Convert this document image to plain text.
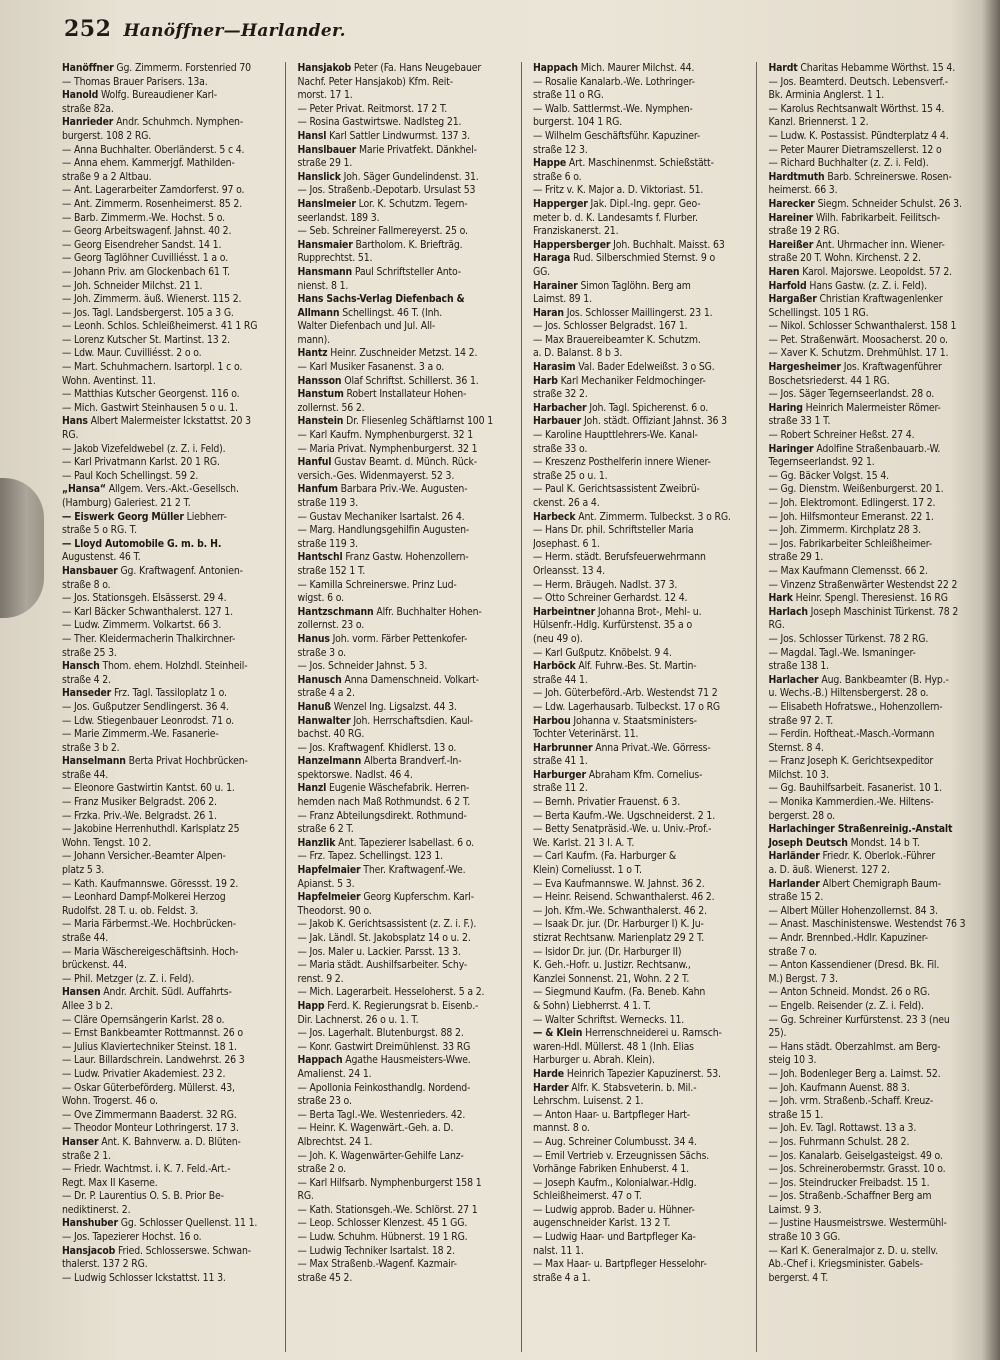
252 Hanöffner—Harlander.
Hanöffner Gg. Zimmerm. Forstenried 70
— Thomas Brauer Parisers. 13a.
Hanold Wolfg. Bureaudiener Karl-
straße 82a.
Hanrieder Andr. Schuhmch. Nymphen-
burgerst. 108 2 RG.
— Anna Buchhalter. Oberländerst. 5 c 4.
— Anna ehem. Kammerjgf. Mathilden-
straße 9 a 2 Altbau.
— Ant. Lagerarbeiter Zamdorferst. 97 o.
— Ant. Zimmerm. Rosenheimerst. 85 2.
— Barb. Zimmerm.-We. Hochst. 5 o.
— Georg Arbeitswagenf. Jahnst. 40 2.
— Georg Eisendreher Sandst. 14 1.
— Georg Taglöhner Cuvilliésst. 1 a o.
— Johann Priv. am Glockenbach 61 T.
— Joh. Schneider Milchst. 21 1.
— Joh. Zimmerm. äuß. Wienerst. 115 2.
— Jos. Tagl. Landsbergerst. 105 a 3 G.
— Leonh. Schlos. Schleißheimerst. 41 1 RG
— Lorenz Kutscher St. Martinst. 13 2.
— Ldw. Maur. Cuvilliésst. 2 o o.
— Mart. Schuhmachern. Isartorpl. 1 c o.
Wohn. Aventinst. 11.
— Matthias Kutscher Georgenst. 116 o.
— Mich. Gastwirt Steinhausen 5 o u. 1.
Hans Albert Malermeister Ickstattst. 20 3
RG.
— Jakob Vizefeldwebel (z. Z. i. Feld).
— Karl Privatmann Karlst. 20 1 RG.
— Paul Koch Schellingst. 59 2.
„Hansa“ Allgem. Vers.-Akt.-Gesellsch.
(Hamburg) Galeriest. 21 2 T.
— Eiswerk Georg Müller Liebherr-
straße 5 o RG. T.
— Lloyd Automobile G. m. b. H.
Augustenst. 46 T.
Hansbauer Gg. Kraftwagenf. Antonien-
straße 8 o.
— Jos. Stationsgeh. Elsässerst. 29 4.
— Karl Bäcker Schwanthalerst. 127 1.
— Ludw. Zimmerm. Volkartst. 66 3.
— Ther. Kleidermacherin Thalkirchner-
straße 25 3.
Hansch Thom. ehem. Holzhdl. Steinheil-
straße 4 2.
Hanseder Frz. Tagl. Tassiloplatz 1 o.
— Jos. Gußputzer Sendlingerst. 36 4.
— Ldw. Stiegenbauer Leonrodst. 71 o.
— Marie Zimmerm.-We. Fasanerie-
straße 3 b 2.
Hanselmann Berta Privat Hochbrücken-
straße 44.
— Eleonore Gastwirtin Kantst. 60 u. 1.
— Franz Musiker Belgradst. 206 2.
— Frzka. Priv.-We. Belgradst. 26 1.
— Jakobine Herrenhuthdl. Karlsplatz 25
Wohn. Tengst. 10 2.
— Johann Versicher.-Beamter Alpen-
platz 5 3.
— Kath. Kaufmannswe. Göressst. 19 2.
— Leonhard Dampf-Molkerei Herzog
Rudolfst. 28 T. u. ob. Feldst. 3.
— Maria Färbermst.-We. Hochbrücken-
straße 44.
— Maria Wäschereigeschäftsinh. Hoch-
brückenst. 44.
— Phil. Metzger (z. Z. i. Feld).
Hansen Andr. Archit. Südl. Auffahrts-
Allee 3 b 2.
— Cläre Opernsängerin Karlst. 28 o.
— Ernst Bankbeamter Rottmannst. 26 o
— Julius Klaviertechniker Steinst. 18 1.
— Laur. Billardschrein. Landwehrst. 26 3
— Ludw. Privatier Akademiest. 23 2.
— Oskar Güterbeförderg. Müllerst. 43,
Wohn. Trogerst. 46 o.
— Ove Zimmermann Baaderst. 32 RG.
— Theodor Monteur Lothringerst. 17 3.
Hanser Ant. K. Bahnverw. a. D. Blüten-
straße 2 1.
— Friedr. Wachtmst. i. K. 7. Feld.-Art.-
Regt. Max II Kaserne.
— Dr. P. Laurentius O. S. B. Prior Be-
nediktinerst. 2.
Hanshuber Gg. Schlosser Quellenst. 11 1.
— Jos. Tapezierer Hochst. 16 o.
Hansjacob Fried. Schlosserswe. Schwan-
thalerst. 137 2 RG.
— Ludwig Schlosser Ickstattst. 11 3.
Hansjakob Peter (Fa. Hans Neugebauer
Nachf. Peter Hansjakob) Kfm. Reit-
morst. 17 1.
— Peter Privat. Reitmorst. 17 2 T.
— Rosina Gastwirtswe. Nadlsteg 21.
Hansl Karl Sattler Lindwurmst. 137 3.
Hanslbauer Marie Privatfekt. Dänkhel-
straße 29 1.
Hanslick Joh. Säger Gundelindenst. 31.
— Jos. Straßenb.-Depotarb. Ursulast 53
Hanslmeier Lor. K. Schutzm. Tegern-
seerlandst. 189 3.
— Seb. Schreiner Fallmereyerst. 25 o.
Hansmaier Bartholom. K. Briefträg.
Rupprechtst. 51.
Hansmann Paul Schriftsteller Anto-
nienst. 8 1.
Hans Sachs-Verlag Diefenbach &
Allmann Schellingst. 46 T. (Inh.
Walter Diefenbach und Jul. All-
mann).
Hantz Heinr. Zuschneider Metzst. 14 2.
— Karl Musiker Fasanenst. 3 a o.
Hansson Olaf Schriftst. Schillerst. 36 1.
Hanstum Robert Installateur Hohen-
zollernst. 56 2.
Hanstein Dr. Fliesenleg Schäftlarnst 100 1
— Karl Kaufm. Nymphenburgerst. 32 1
— Maria Privat. Nymphenburgerst. 32 1
Hanful Gustav Beamt. d. Münch. Rück-
versich.-Ges. Widenmayerst. 52 3.
Hanfum Barbara Priv.-We. Augusten-
straße 119 3.
— Gustav Mechaniker Isartalst. 26 4.
— Marg. Handlungsgehilfin Augusten-
straße 119 3.
Hantschl Franz Gastw. Hohenzollern-
straße 152 1 T.
— Kamilla Schreinerswe. Prinz Lud-
wigst. 6 o.
Hantzschmann Alfr. Buchhalter Hohen-
zollernst. 23 o.
Hanus Joh. vorm. Färber Pettenkofer-
straße 3 o.
— Jos. Schneider Jahnst. 5 3.
Hanusch Anna Damenschneid. Volkart-
straße 4 a 2.
Hanuß Wenzel Ing. Ligsalzst. 44 3.
Hanwalter Joh. Herrschaftsdien. Kaul-
bachst. 40 RG.
— Jos. Kraftwagenf. Khidlerst. 13 o.
Hanzelmann Alberta Brandverf.-In-
spektorswe. Nadlst. 46 4.
Hanzl Eugenie Wäschefabrik. Herren-
hemden nach Maß Rothmundst. 6 2 T.
— Franz Abteilungsdirekt. Rothmund-
straße 6 2 T.
Hanzlik Ant. Tapezierer Isabellast. 6 o.
— Frz. Tapez. Schellingst. 123 1.
Hapfelmaier Ther. Kraftwagenf.-We.
Apianst. 5 3.
Hapfelmeier Georg Kupferschm. Karl-
Theodorst. 90 o.
— Jakob K. Gerichtsassistent (z. Z. i. F.).
— Jak. Ländl. St. Jakobsplatz 14 o u. 2.
— Jos. Maler u. Lackier. Parsst. 13 3.
— Maria städt. Aushilfsarbeiter. Schy-
renst. 9 2.
— Mich. Lagerarbeit. Hesseloherst. 5 a 2.
Happ Ferd. K. Regierungsrat b. Eisenb.-
Dir. Lachnerst. 26 o u. 1. T.
— Jos. Lagerhalt. Blutenburgst. 88 2.
— Konr. Gastwirt Dreimühlenst. 33 RG
Happach Agathe Hausmeisters-Wwe.
Amalienst. 24 1.
— Apollonia Feinkosthandlg. Nordend-
straße 23 o.
— Berta Tagl.-We. Westenrieders. 42.
— Heinr. K. Wagenwärt.-Geh. a. D.
Albrechtst. 24 1.
— Joh. K. Wagenwärter-Gehilfe Lanz-
straße 2 o.
— Karl Hilfsarb. Nymphenburgerst 158 1
RG.
— Kath. Stationsgeh.-We. Schlörst. 27 1
— Leop. Schlosser Klenzest. 45 1 GG.
— Ludw. Schuhm. Hübnerst. 19 1 RG.
— Ludwig Techniker Isartalst. 18 2.
— Max Straßenb.-Wagenf. Kazmair-
straße 45 2.
Happach Mich. Maurer Milchst. 44.
— Rosalie Kanalarb.-We. Lothringer-
straße 11 o RG.
— Walb. Sattlermst.-We. Nymphen-
burgerst. 104 1 RG.
— Wilhelm Geschäftsführ. Kapuziner-
straße 12 3.
Happe Art. Maschinenmst. Schießstätt-
straße 6 o.
— Fritz v. K. Major a. D. Viktoriast. 51.
Happerger Jak. Dipl.-Ing. gepr. Geo-
meter b. d. K. Landesamts f. Flurber.
Franziskanerst. 21.
Happersberger Joh. Buchhalt. Maisst. 63
Haraga Rud. Silberschmied Sternst. 9 o
GG.
Harainer Simon Taglöhn. Berg am
Laimst. 89 1.
Haran Jos. Schlosser Maillingerst. 23 1.
— Jos. Schlosser Belgradst. 167 1.
— Max Brauereibeamter K. Schutzm.
a. D. Balanst. 8 b 3.
Harasim Val. Bader Edelweißst. 3 o SG.
Harb Karl Mechaniker Feldmochinger-
straße 32 2.
Harbacher Joh. Tagl. Spicherenst. 6 o.
Harbauer Joh. städt. Offiziant Jahnst. 36 3
— Karoline Haupttlehrers-We. Kanal-
straße 33 o.
— Kreszenz Posthelferin innere Wiener-
straße 25 o u. 1.
— Paul K. Gerichtsassistent Zweibrü-
ckenst. 26 a 4.
Harbeck Ant. Zimmerm. Tulbeckst. 3 o RG.
— Hans Dr. phil. Schriftsteller Maria
Josephast. 6 1.
— Herm. städt. Berufsfeuerwehrmann
Orleansst. 13 4.
— Herm. Bräugeh. Nadlst. 37 3.
— Otto Schreiner Gerhardst. 12 4.
Harbeintner Johanna Brot-, Mehl- u.
Hülsenfr.-Hdlg. Kurfürstenst. 35 a o
(neu 49 o).
— Karl Gußputz. Knöbelst. 9 4.
Harböck Alf. Fuhrw.-Bes. St. Martin-
straße 44 1.
— Joh. Güterbeförd.-Arb. Westendst 71 2
— Ldw. Lagerhausarb. Tulbeckst. 17 o RG
Harbou Johanna v. Staatsministers-
Tochter Veterinärst. 11.
Harbrunner Anna Privat.-We. Görress-
straße 41 1.
Harburger Abraham Kfm. Cornelius-
straße 11 2.
— Bernh. Privatier Frauenst. 6 3.
— Berta Kaufm.-We. Ugschneiderst. 2 1.
— Betty Senatpräsid.-We. u. Univ.-Prof.-
We. Karlst. 21 3 I. A. T.
— Carl Kaufm. (Fa. Harburger &
Klein) Corneliusst. 1 o T.
— Eva Kaufmannswe. W. Jahnst. 36 2.
— Heinr. Reisend. Schwanthalerst. 46 2.
— Joh. Kfm.-We. Schwanthalerst. 46 2.
— Isaak Dr. jur. (Dr. Harburger I) K. Ju-
stizrat Rechtsanw. Marienplatz 29 2 T.
— Isidor Dr. jur. (Dr. Harburger II)
K. Geh.-Hofr. u. Justizr. Rechtsanw.,
Kanzlei Sonnenst. 21, Wohn. 2 2 T.
— Siegmund Kaufm. (Fa. Beneb. Kahn
& Sohn) Liebherrst. 4 1. T.
— Walter Schriftst. Wernecks. 11.
— & Klein Herrenschneiderei u. Ramsch-
waren-Hdl. Müllerst. 48 1 (Inh. Elias
Harburger u. Abrah. Klein).
Harde Heinrich Tapezier Kapuzinerst. 53.
Harder Alfr. K. Stabsveterin. b. Mil.-
Lehrschm. Luisenst. 2 1.
— Anton Haar- u. Bartpfleger Hart-
mannst. 8 o.
— Aug. Schreiner Columbusst. 34 4.
— Emil Vertrieb v. Erzeugnissen Sächs.
Vorhänge Fabriken Enhuberst. 4 1.
— Joseph Kaufm., Kolonialwar.-Hdlg.
Schleißheimerst. 47 o T.
— Ludwig approb. Bader u. Hühner-
augenschneider Karlst. 13 2 T.
— Ludwig Haar- und Bartpfleger Ka-
nalst. 11 1.
— Max Haar- u. Bartpfleger Hesselohr-
straße 4 a 1.
Hardt Charitas Hebamme Wörthst. 15 4.
— Jos. Beamterd. Deutsch. Lebensverf.-
Bk. Arminia Anglerst. 1 1.
— Karolus Rechtsanwalt Wörthst. 15 4.
Kanzl. Briennerst. 1 2.
— Ludw. K. Postassist. Pündterplatz 4 4.
— Peter Maurer Dietramszellerst. 12 o
— Richard Buchhalter (z. Z. i. Feld).
Hardtmuth Barb. Schreinerswe. Rosen-
heimerst. 66 3.
Harecker Siegm. Schneider Schulst. 26 3.
Hareiner Wilh. Fabrikarbeit. Feilitsch-
straße 19 2 RG.
Hareißer Ant. Uhrmacher inn. Wiener-
straße 20 T. Wohn. Kirchenst. 2 2.
Haren Karol. Majorswe. Leopoldst. 57 2.
Harfold Hans Gastw. (z. Z. i. Feld).
Hargaßer Christian Kraftwagenlenker
Schellingst. 105 1 RG.
— Nikol. Schlosser Schwanthalerst. 158 1
— Pet. Straßenwärt. Moosacherst. 20 o.
— Xaver K. Schutzm. Drehmühlst. 17 1.
Hargesheimer Jos. Kraftwagenführer
Boschetsriederst. 44 1 RG.
— Jos. Säger Tegernseerlandst. 28 o.
Haring Heinrich Malermeister Römer-
straße 33 1 T.
— Robert Schreiner Heßst. 27 4.
Haringer Adolfine Straßenbauarb.-W.
Tegernseerlandst. 92 1.
— Gg. Bäcker Volgst. 15 4.
— Gg. Dienstm. Weißenburgerst. 20 1.
— Joh. Elektromont. Edlingerst. 17 2.
— Joh. Hilfsmonteur Emeranst. 22 1.
— Joh. Zimmerm. Kirchplatz 28 3.
— Jos. Fabrikarbeiter Schleißheimer-
straße 29 1.
— Max Kaufmann Clemensst. 66 2.
— Vinzenz Straßenwärter Westendst 22 2
Hark Heinr. Spengl. Theresienst. 16 RG
Harlach Joseph Maschinist Türkenst. 78 2
RG.
— Jos. Schlosser Türkenst. 78 2 RG.
— Magdal. Tagl.-We. Ismaninger-
straße 138 1.
Harlacher Aug. Bankbeamter (B. Hyp.-
u. Wechs.-B.) Hiltensbergerst. 28 o.
— Elisabeth Hofratswe., Hohenzollern-
straße 97 2. T.
— Ferdin. Hoftheat.-Masch.-Vormann
Sternst. 8 4.
— Franz Joseph K. Gerichtsexpeditor
Milchst. 10 3.
— Gg. Bauhilfsarbeit. Fasanerist. 10 1.
— Monika Kammerdien.-We. Hiltens-
bergerst. 28 o.
Harlachinger Straßenreinig.-Anstalt
Joseph Deutsch Mondst. 14 b T.
Harländer Friedr. K. Oberlok.-Führer
a. D. äuß. Wienerst. 127 2.
Harlander Albert Chemigraph Baum-
straße 15 2.
— Albert Müller Hohenzollernst. 84 3.
— Anast. Maschinistenswe. Westendst 76 3
— Andr. Brennbed.-Hdlr. Kapuziner-
straße 7 o.
— Anton Kassendiener (Dresd. Bk. Fil.
M.) Bergst. 7 3.
— Anton Schneid. Mondst. 26 o RG.
— Engelb. Reisender (z. Z. i. Feld).
— Gg. Schreiner Kurfürstenst. 23 3 (neu
25).
— Hans städt. Oberzahlmst. am Berg-
steig 10 3.
— Joh. Bodenleger Berg a. Laimst. 52.
— Joh. Kaufmann Auenst. 88 3.
— Joh. vrm. Straßenb.-Schaff. Kreuz-
straße 15 1.
— Joh. Ev. Tagl. Rottawst. 13 a 3.
— Jos. Fuhrmann Schulst. 28 2.
— Jos. Kanalarb. Geiselgasteigst. 49 o.
— Jos. Schreinerobermstr. Grasst. 10 o.
— Jos. Steindrucker Freibadst. 15 1.
— Jos. Straßenb.-Schaffner Berg am
Laimst. 9 3.
— Justine Hausmeistrswe. Westermühl-
straße 10 3 GG.
— Karl K. Generalmajor z. D. u. stellv.
Ab.-Chef i. Kriegsminister. Gabels-
bergerst. 4 T.
